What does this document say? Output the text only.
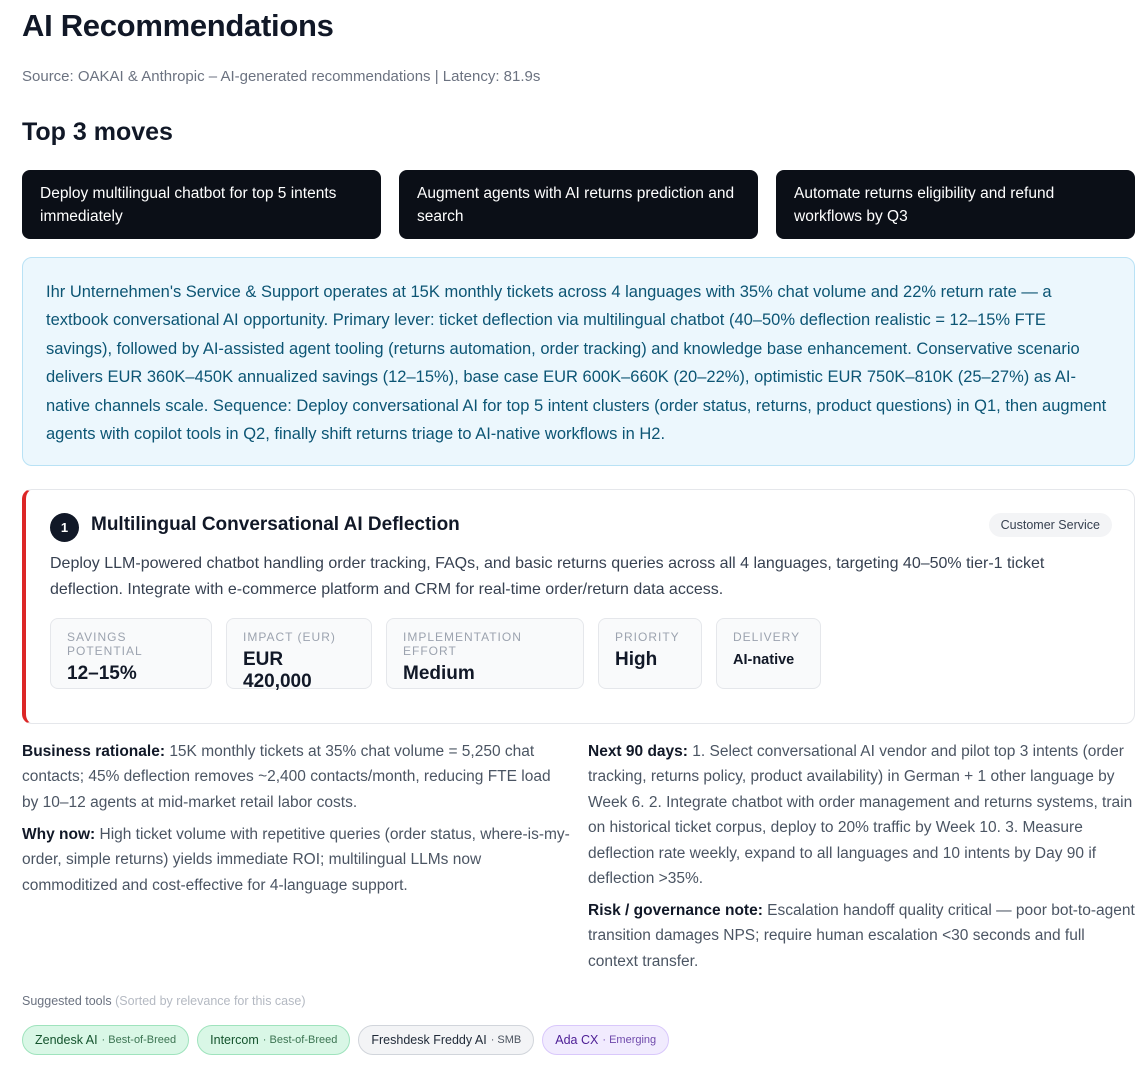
AI Recommendations
Source: OAKAI & Anthropic – AI-generated recommendations | Latency: 81.9s
Top 3 moves
Deploy multilingual chatbot for top 5 intents immediately
Augment agents with AI returns prediction and search
Automate returns eligibility and refund workflows by Q3
Ihr Unternehmen's Service & Support operates at 15K monthly tickets across 4 languages with 35% chat volume and 22% return rate — a textbook conversational AI opportunity. Primary lever: ticket deflection via multilingual chatbot (40–50% deflection realistic = 12–15% FTE savings), followed by AI-assisted agent tooling (returns automation, order tracking) and knowledge base enhancement. Conservative scenario delivers EUR 360K–450K annualized savings (12–15%), base case EUR 600K–660K (20–22%), optimistic EUR 750K–810K (25–27%) as AI-native channels scale. Sequence: Deploy conversational AI for top 5 intent clusters (order status, returns, product questions) in Q1, then augment agents with copilot tools in Q2, finally shift returns triage to AI-native workflows in H2.
1	Multilingual Conversational AI Deflection	Customer Service
Deploy LLM-powered chatbot handling order tracking, FAQs, and basic returns queries across all 4 languages, targeting 40–50% tier-1 ticket deflection. Integrate with e-commerce platform and CRM for real-time order/return data access.
SAVINGS POTENTIAL
12–15%
IMPACT (EUR)
EUR 420,000
IMPLEMENTATION EFFORT
Medium
PRIORITY
High
DELIVERY
AI-native
Business rationale: 15K monthly tickets at 35% chat volume = 5,250 chat contacts; 45% deflection removes ~2,400 contacts/month, reducing FTE load by 10–12 agents at mid-market retail labor costs.
Why now: High ticket volume with repetitive queries (order status, where-is-my-order, simple returns) yields immediate ROI; multilingual LLMs now commoditized and cost-effective for 4-language support.
Next 90 days: 1. Select conversational AI vendor and pilot top 3 intents (order tracking, returns policy, product availability) in German + 1 other language by Week 6. 2. Integrate chatbot with order management and returns systems, train on historical ticket corpus, deploy to 20% traffic by Week 10. 3. Measure deflection rate weekly, expand to all languages and 10 intents by Day 90 if deflection >35%.
Risk / governance note: Escalation handoff quality critical — poor bot-to-agent transition damages NPS; require human escalation <30 seconds and full context transfer.
Suggested tools (Sorted by relevance for this case)
Zendesk AI · Best-of-Breed	Intercom · Best-of-Breed	Freshdesk Freddy AI · SMB	Ada CX · Emerging
